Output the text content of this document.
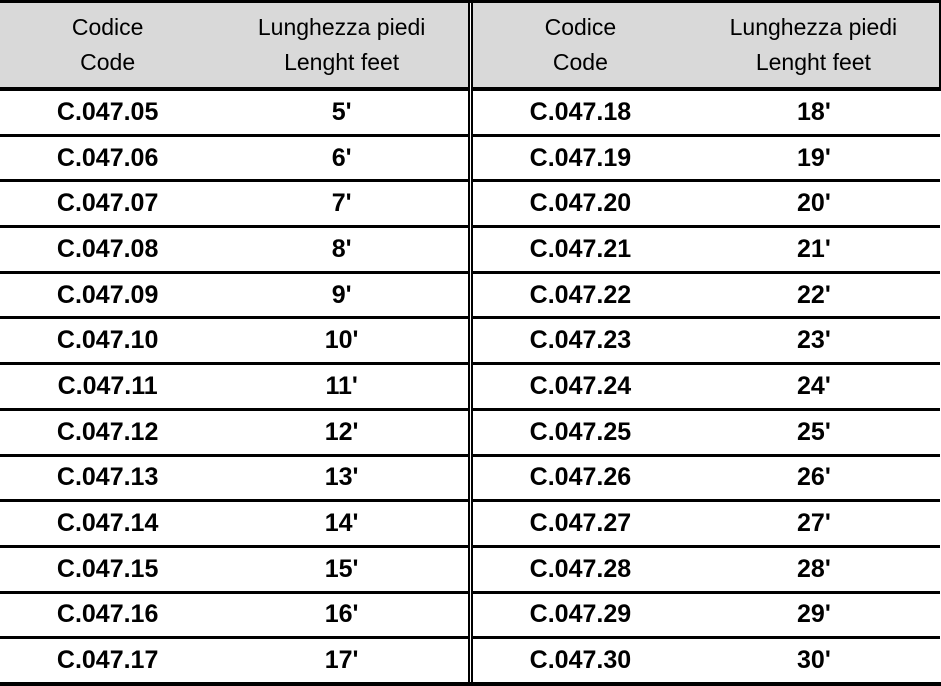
Codice
Code

Lunghezza piedi
Lenght feet

C.047.05	5'
C.047.06	6'
C.047.07	7'
C.047.08	8'
C.047.09	9'
C.047.10	10'
C.047.11	11'
C.047.12	12'
C.047.13	13'
C.047.14	14'
C.047.15	15'
C.047.16	16'
C.047.17	17'
Codice
Code

Lunghezza piedi
Lenght feet

C.047.18	18'
C.047.19	19'
C.047.20	20'
C.047.21	21'
C.047.22	22'
C.047.23	23'
C.047.24	24'
C.047.25	25'
C.047.26	26'
C.047.27	27'
C.047.28	28'
C.047.29	29'
C.047.30	30'
